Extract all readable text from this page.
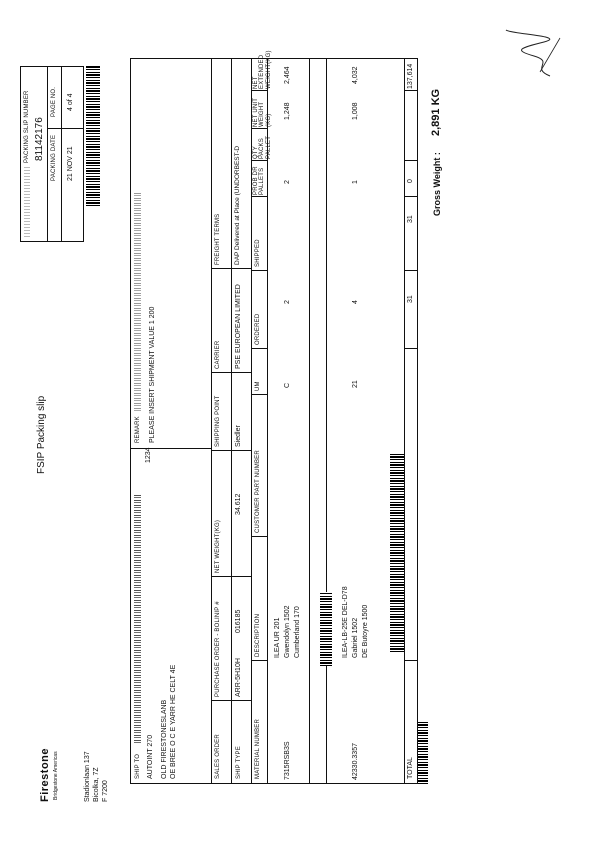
Firestone Bridgestone Americas	Stadionlaan 137 Bicolka, 7Z F 7200
FSIP Packing slip
PACKING SLIP NUMBER 81142176 PACKING DATE
PAGE NO.
21 NOV 21
4 of 4
SHIP TO AUTOINT 270
1234
OLD FIRESTONESLANB OE BREE O C E YARR HE CELT 4E
REMARK PLEASE INSERT SHIPMENT VALUE 1 200
SALES ORDER
PURCHASE ORDER - BOLINIP #
NET WEIGHT(KG)
SHIPPING POINT
CARRIER
FREIGHT TERMS
SHIP TYPE
ARR-5H10H
016185
34.612
Siedler
PSE EUROPEAN LIMITED
DAP Delivered at Place (UNDORBEST-D
MATERIAL NUMBER
DESCRIPTION
CUSTOMER PART NUMBER
UM
ORDERED
SHIPPED
PROB DR PALLETS
QTY PACKS PALLET
NET UNIT WEIGHT (KG)
NET EXTENDED WEIGHT(KG)
7315RSB3S
ILEA UR 201 Gwendolyn 1502 Cumberland 170
C
2
2
1,248
2,464
42330.3357
ILEA-LB-25E DEL-D78 Gabriel 1502 DE Butoyre 1500
21
4
1
1,008
4,032
TOTAL
31
31
0
137,614
Gross Weight :
2,891 KG
